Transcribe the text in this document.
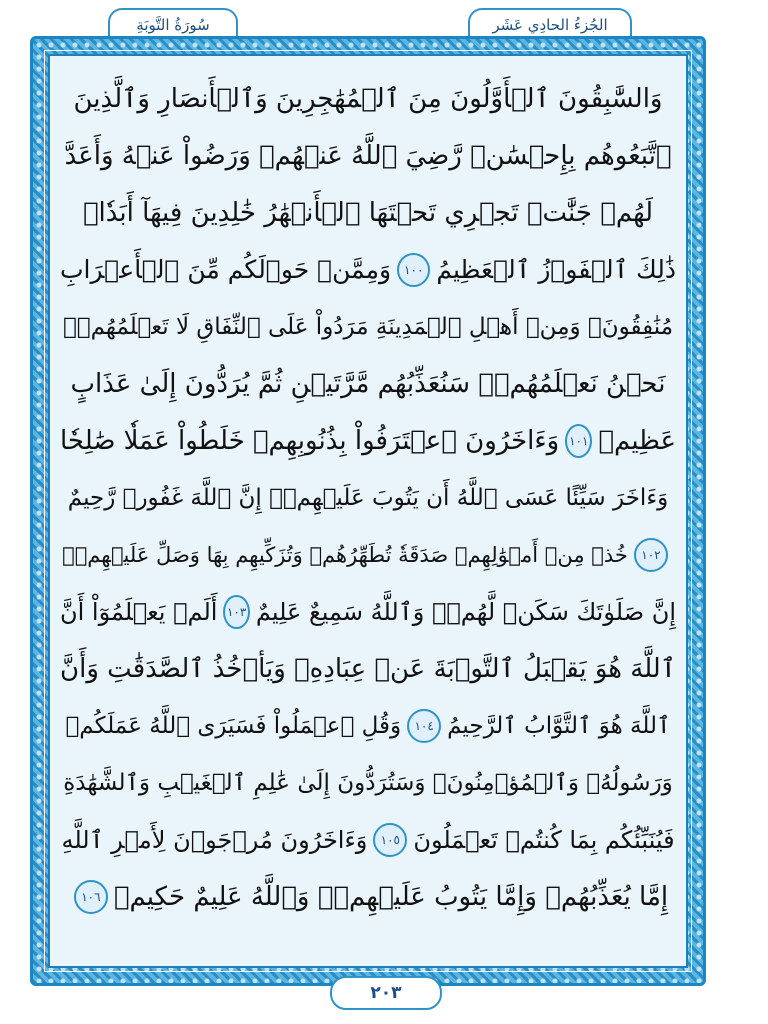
سُورَةُ التَّوبَةِ	الجُزءُ الحادِي عَشَر
وَالسَّٰبِقُونَ ٱلۡأَوَّلُونَ مِنَ ٱلۡمُهَٰجِرِينَ وَٱلۡأَنصَارِ وَٱلَّذِينَ
ٱتَّبَعُوهُم بِإِحۡسَٰنٖ رَّضِيَ ٱللَّهُ عَنۡهُمۡ وَرَضُواْ عَنۡهُ وَأَعَدَّ
لَهُمۡ جَنَّٰتٖ تَجۡرِي تَحۡتَهَا ٱلۡأَنۡهَٰرُ خَٰلِدِينَ فِيهَآ أَبَدٗاۚ
ذَٰلِكَ ٱلۡفَوۡزُ ٱلۡعَظِيمُ
١٠٠
وَمِمَّنۡ حَوۡلَكُم مِّنَ ٱلۡأَعۡرَابِ
مُنَٰفِقُونَۖ وَمِنۡ أَهۡلِ ٱلۡمَدِينَةِ مَرَدُواْ عَلَى ٱلنِّفَاقِ لَا تَعۡلَمُهُمۡۖ
نَحۡنُ نَعۡلَمُهُمۡۚ سَنُعَذِّبُهُم مَّرَّتَيۡنِ ثُمَّ يُرَدُّونَ إِلَىٰ عَذَابٍ
عَظِيمٖ
١٠١
وَءَاخَرُونَ ٱعۡتَرَفُواْ بِذُنُوبِهِمۡ خَلَطُواْ عَمَلٗا صَٰلِحٗا
وَءَاخَرَ سَيِّئًا عَسَى ٱللَّهُ أَن يَتُوبَ عَلَيۡهِمۡۚ إِنَّ ٱللَّهَ غَفُورٞ رَّحِيمٌ
١٠٢
خُذۡ مِنۡ أَمۡوَٰلِهِمۡ صَدَقَةٗ تُطَهِّرُهُمۡ وَتُزَكِّيهِم بِهَا وَصَلِّ عَلَيۡهِمۡۖ
إِنَّ صَلَوٰتَكَ سَكَنٞ لَّهُمۡۗ وَٱللَّهُ سَمِيعٌ عَلِيمٌ
١٠٣
أَلَمۡ يَعۡلَمُوٓاْ أَنَّ
ٱللَّهَ هُوَ يَقۡبَلُ ٱلتَّوۡبَةَ عَنۡ عِبَادِهِۦ وَيَأۡخُذُ ٱلصَّدَقَٰتِ وَأَنَّ
ٱللَّهَ هُوَ ٱلتَّوَّابُ ٱلرَّحِيمُ
١٠٤
وَقُلِ ٱعۡمَلُواْ فَسَيَرَى ٱللَّهُ عَمَلَكُمۡ
وَرَسُولُهُۥ وَٱلۡمُؤۡمِنُونَۖ وَسَتُرَدُّونَ إِلَىٰ عَٰلِمِ ٱلۡغَيۡبِ وَٱلشَّهَٰدَةِ
فَيُنَبِّئُكُم بِمَا كُنتُمۡ تَعۡمَلُونَ
١٠٥
وَءَاخَرُونَ مُرۡجَوۡنَ لِأَمۡرِ ٱللَّهِ
إِمَّا يُعَذِّبُهُمۡ وَإِمَّا يَتُوبُ عَلَيۡهِمۡۗ وَٱللَّهُ عَلِيمٌ حَكِيمٞ
١٠٦
٢٠٣
